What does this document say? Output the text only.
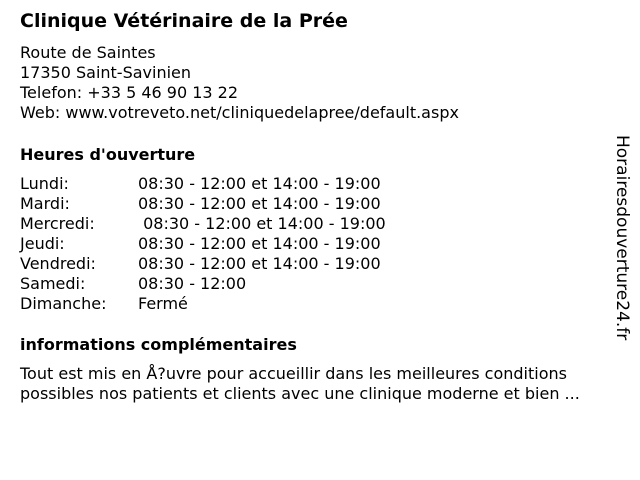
Clinique Vétérinaire de la Prée
Route de Saintes
17350 Saint-Savinien
Telefon: +33 5 46 90 13 22
Web: www.votreveto.net/cliniquedelapree/default.aspx
Heures d'ouverture
Lundi:	08:30 - 12:00 et 14:00 - 19:00
Mardi:	08:30 - 12:00 et 14:00 - 19:00
Mercredi:	08:30 - 12:00 et 14:00 - 19:00
Jeudi:	08:30 - 12:00 et 14:00 - 19:00
Vendredi:	08:30 - 12:00 et 14:00 - 19:00
Samedi:	08:30 - 12:00
Dimanche:	Fermé
informations complémentaires
Tout est mis en Å?uvre pour accueillir dans les meilleures conditions
possibles nos patients et clients avec une clinique moderne et bien ...
Horairesdouverture24.fr
